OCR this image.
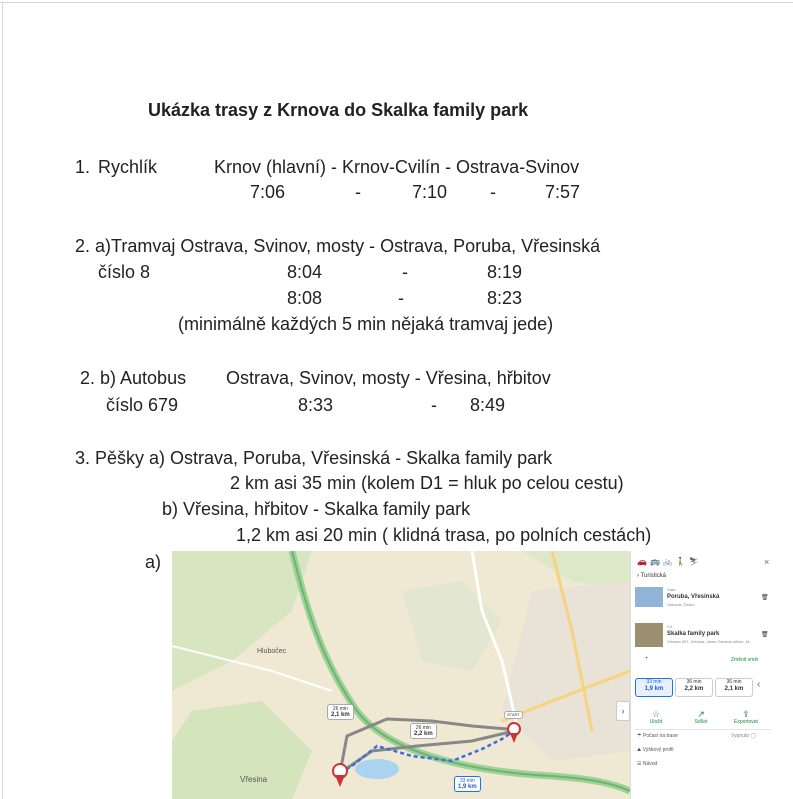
Ukázka trasy z Krnova do Skalka family park
1. Rychlík	Krnov (hlavní) - Krnov-Cvilín - Ostrava-Svinov
7:06	-	7:10 -	7:57
2. a)Tramvaj Ostrava, Svinov, mosty - Ostrava, Poruba, Vřesinská
číslo 8	8:04	-	8:19
8:08	-	8:23
(minimálně každých 5 min nějaká tramvaj jede)
2. b) Autobus Ostrava, Svinov, mosty - Vřesina, hřbitov
číslo 679	8:33	- 8:49
3. Pěšky a) Ostrava, Poruba, Vřesinská - Skalka family park
2 km asi 35 min (kolem D1 = hluk po celou cestu)
b) Vřesina, hřbitov - Skalka family park
1,2 km asi 20 min ( klidná trasa, po polních cestách)
a)
Hlubočec
Vřesina
26 min
2,1 km
26 min
2,2 km
33 min
1,9 km
START	›
🚗🚌🚲🚶⛷	×
› Turistická
Start
Poruba, Vřesinská
Ostrava, Česko
🗑
Cíl
Skalka family park
Vřesina 907, Vřesina, okres Ostrava-město, M...
🗑
+	Změnit směr
33 min
1,9 km
36 min
2,2 km
36 min
2,1 km	‹
☆
Uložit
↗
Sdílet
⇪
Exportovat
☂ Počasí na trase	Vypnuto ◯
⛰ Výškový profil
☰ Návod
